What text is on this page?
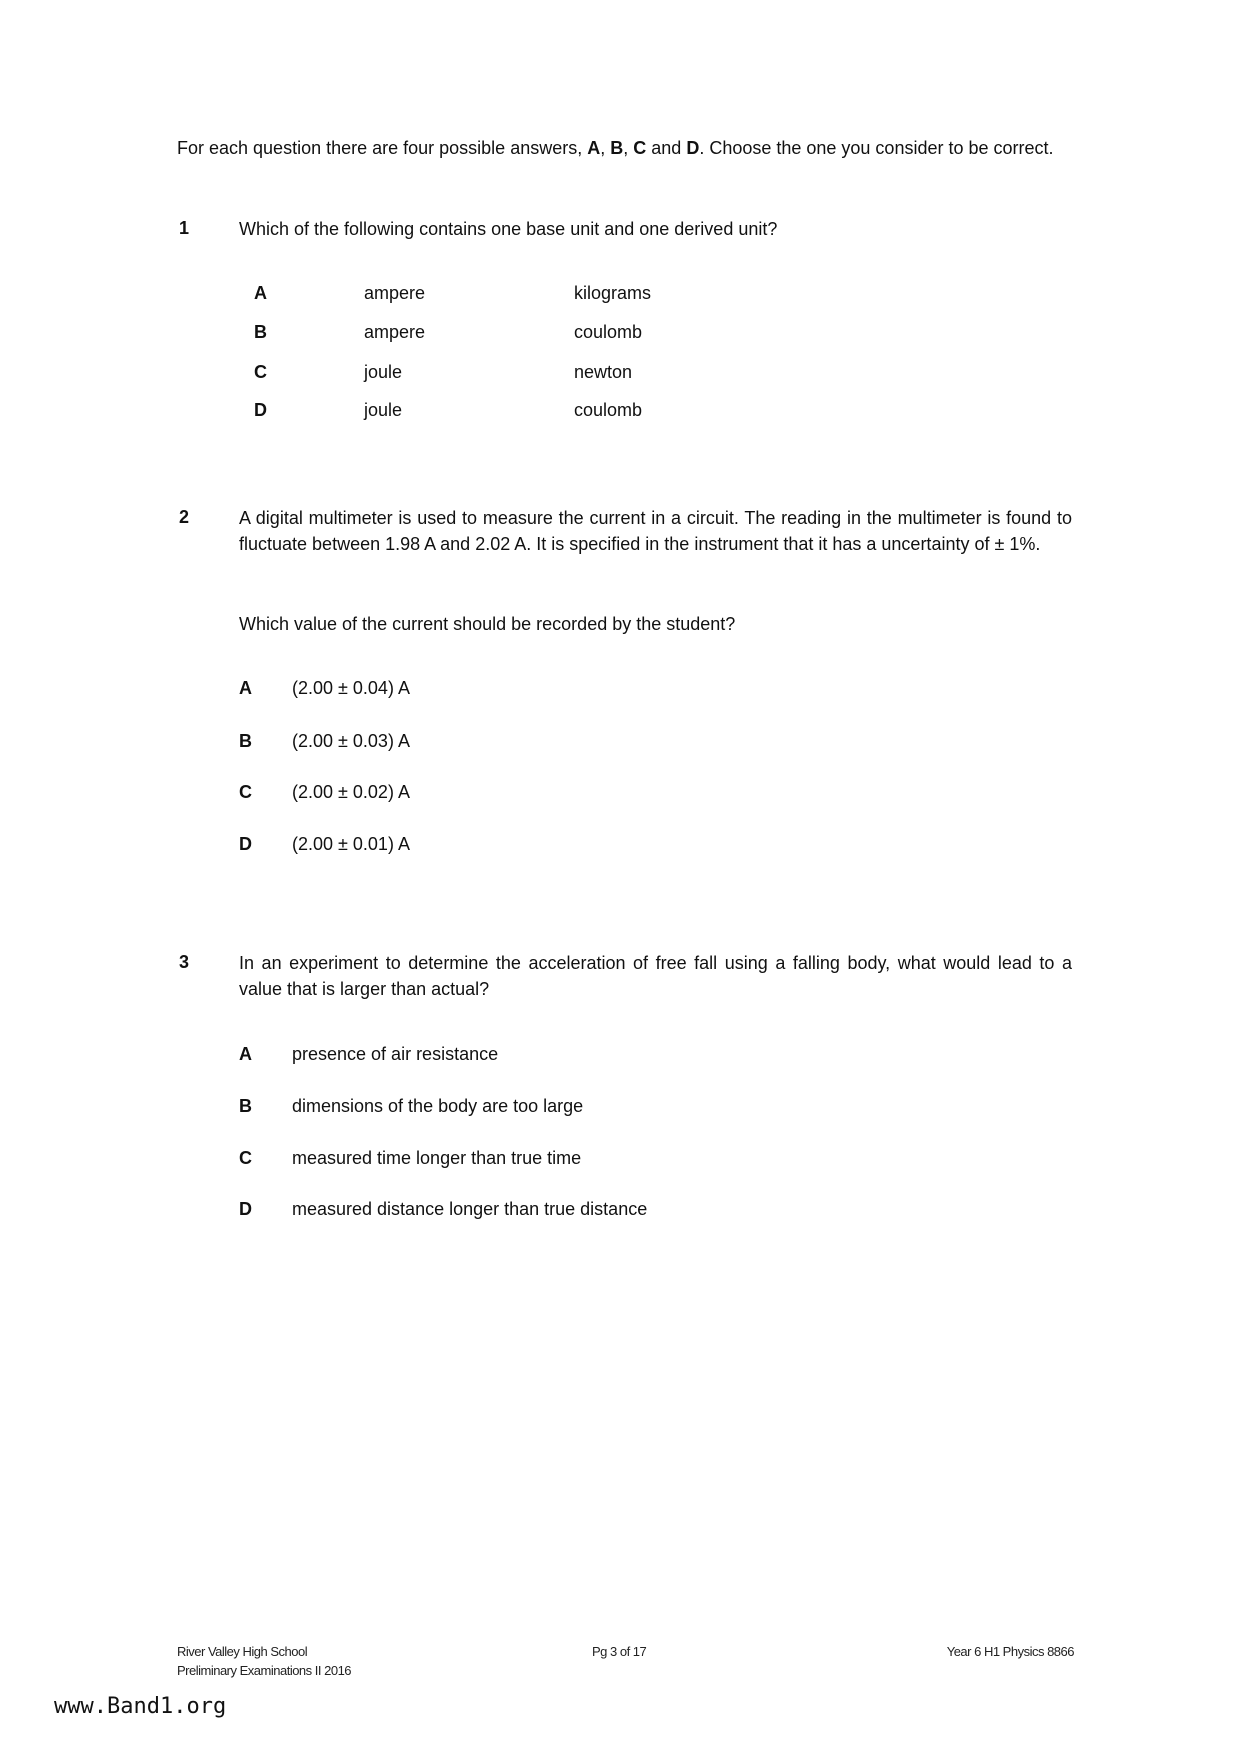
For each question there are four possible answers, A, B, C and D. Choose the one you consider to be correct.
1	Which of the following contains one base unit and one derived unit?
A	ampere	kilograms
B	ampere	coulomb
C	joule	newton
D	joule	coulomb
2	A digital multimeter is used to measure the current in a circuit. The reading in the multimeter is found to fluctuate between 1.98 A and 2.02 A. It is specified in the instrument that it has a uncertainty of ± 1%.
Which value of the current should be recorded by the student?
A (2.00 ± 0.04) A
B (2.00 ± 0.03) A
C (2.00 ± 0.02) A
D (2.00 ± 0.01) A
3	In an experiment to determine the acceleration of free fall using a falling body, what would lead to a value that is larger than actual?
A presence of air resistance
B dimensions of the body are too large
C measured time longer than true time
D measured distance longer than true distance
River Valley High School
Preliminary Examinations II 2016
Pg 3 of 17	Year 6 H1 Physics 8866
www.Band1.org
